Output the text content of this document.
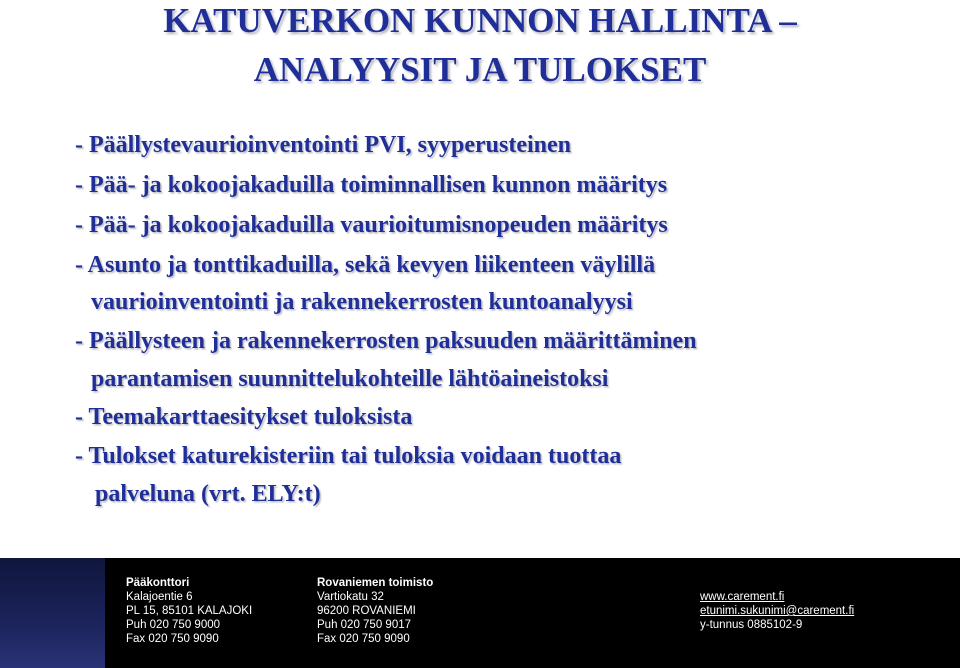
KATUVERKON KUNNON HALLINTA –
ANALYYSIT JA TULOKSET
- Päällystevaurioinventointi PVI, syyperusteinen
- Pää- ja kokoojakaduilla toiminnallisen kunnon määritys
- Pää- ja kokoojakaduilla vaurioitumisnopeuden määritys
- Asunto ja tonttikaduilla, sekä kevyen liikenteen väylillä
vaurioinventointi ja rakennekerrosten kuntoanalyysi
- Päällysteen ja rakennekerrosten paksuuden määrittäminen
parantamisen suunnittelukohteille lähtöaineistoksi
- Teemakarttaesitykset tuloksista
- Tulokset katurekisteriin tai tuloksia voidaan tuottaa
palveluna (vrt. ELY:t)
Pääkonttori
Kalajoentie 6
PL 15, 85101 KALAJOKI
Puh 020 750 9000
Fax 020 750 9090
Rovaniemen toimisto
Vartiokatu 32
96200 ROVANIEMI
Puh 020 750 9017
Fax 020 750 9090
www.carement.fi
etunimi.sukunimi@carement.fi
y-tunnus 0885102-9
